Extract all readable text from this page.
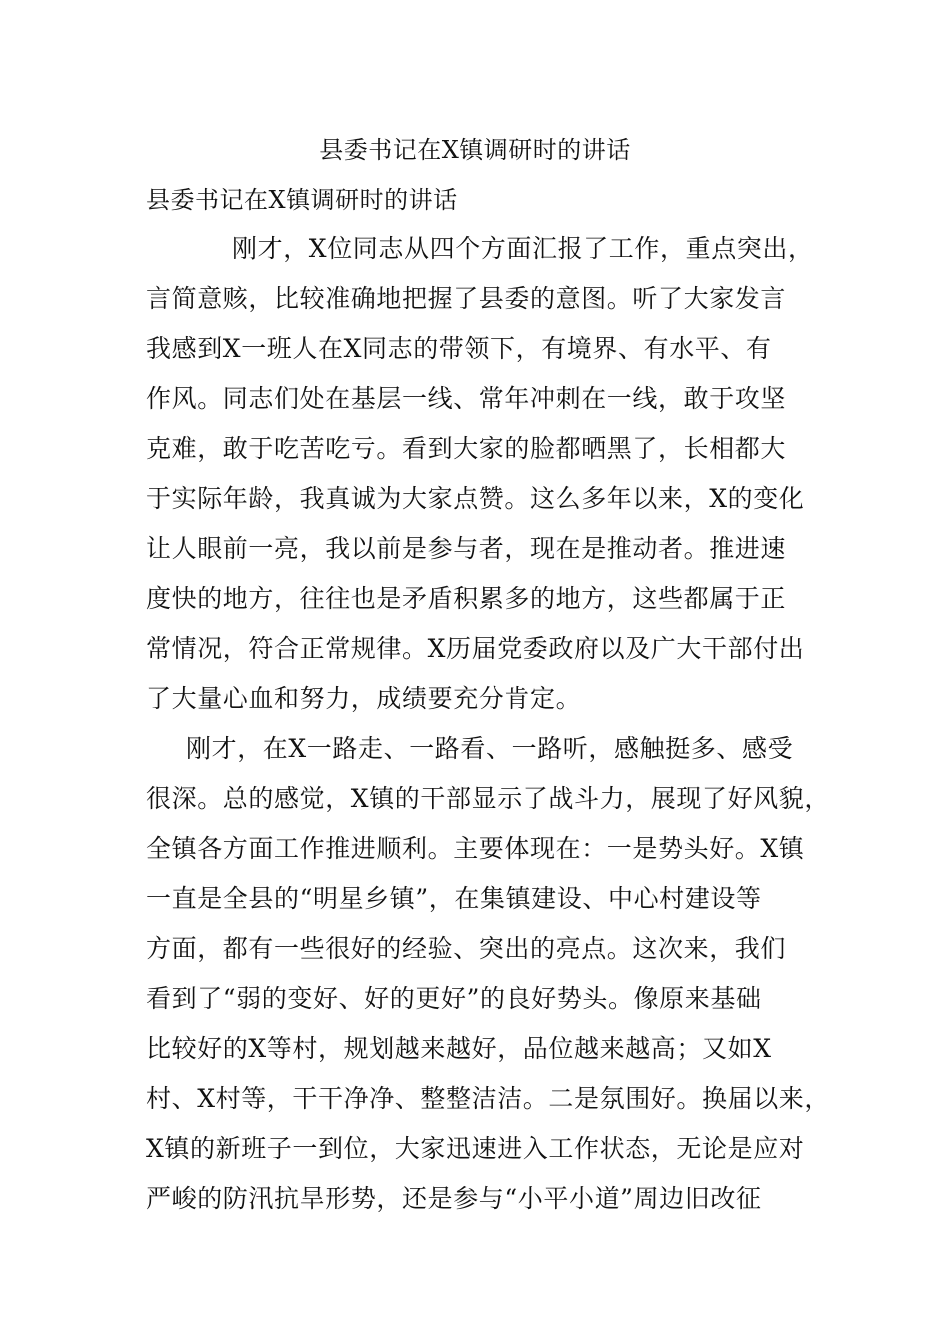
县委书记在X镇调研时的讲话
县委书记在X镇调研时的讲话
刚才，X位同志从四个方面汇报了工作，重点突出，
言简意赅，比较准确地把握了县委的意图。听了大家发言
我感到X一班人在X同志的带领下，有境界、有水平、有
作风。同志们处在基层一线、常年冲刺在一线，敢于攻坚
克难，敢于吃苦吃亏。看到大家的脸都晒黑了，长相都大
于实际年龄，我真诚为大家点赞。这么多年以来，X的变化
让人眼前一亮，我以前是参与者，现在是推动者。推进速
度快的地方，往往也是矛盾积累多的地方，这些都属于正
常情况，符合正常规律。X历届党委政府以及广大干部付出
了大量心血和努力，成绩要充分肯定。
刚才，在X一路走、一路看、一路听，感触挺多、感受
很深。总的感觉，X镇的干部显示了战斗力，展现了好风貌，
全镇各方面工作推进顺利。主要体现在：一是势头好。X镇
一直是全县的“明星乡镇”，在集镇建设、中心村建设等
方面，都有一些很好的经验、突出的亮点。这次来，我们
看到了“弱的变好、好的更好”的良好势头。像原来基础
比较好的X等村，规划越来越好，品位越来越高；又如X
村、X村等，干干净净、整整洁洁。二是氛围好。换届以来，
X镇的新班子一到位，大家迅速进入工作状态，无论是应对
严峻的防汛抗旱形势，还是参与“小平小道”周边旧改征
